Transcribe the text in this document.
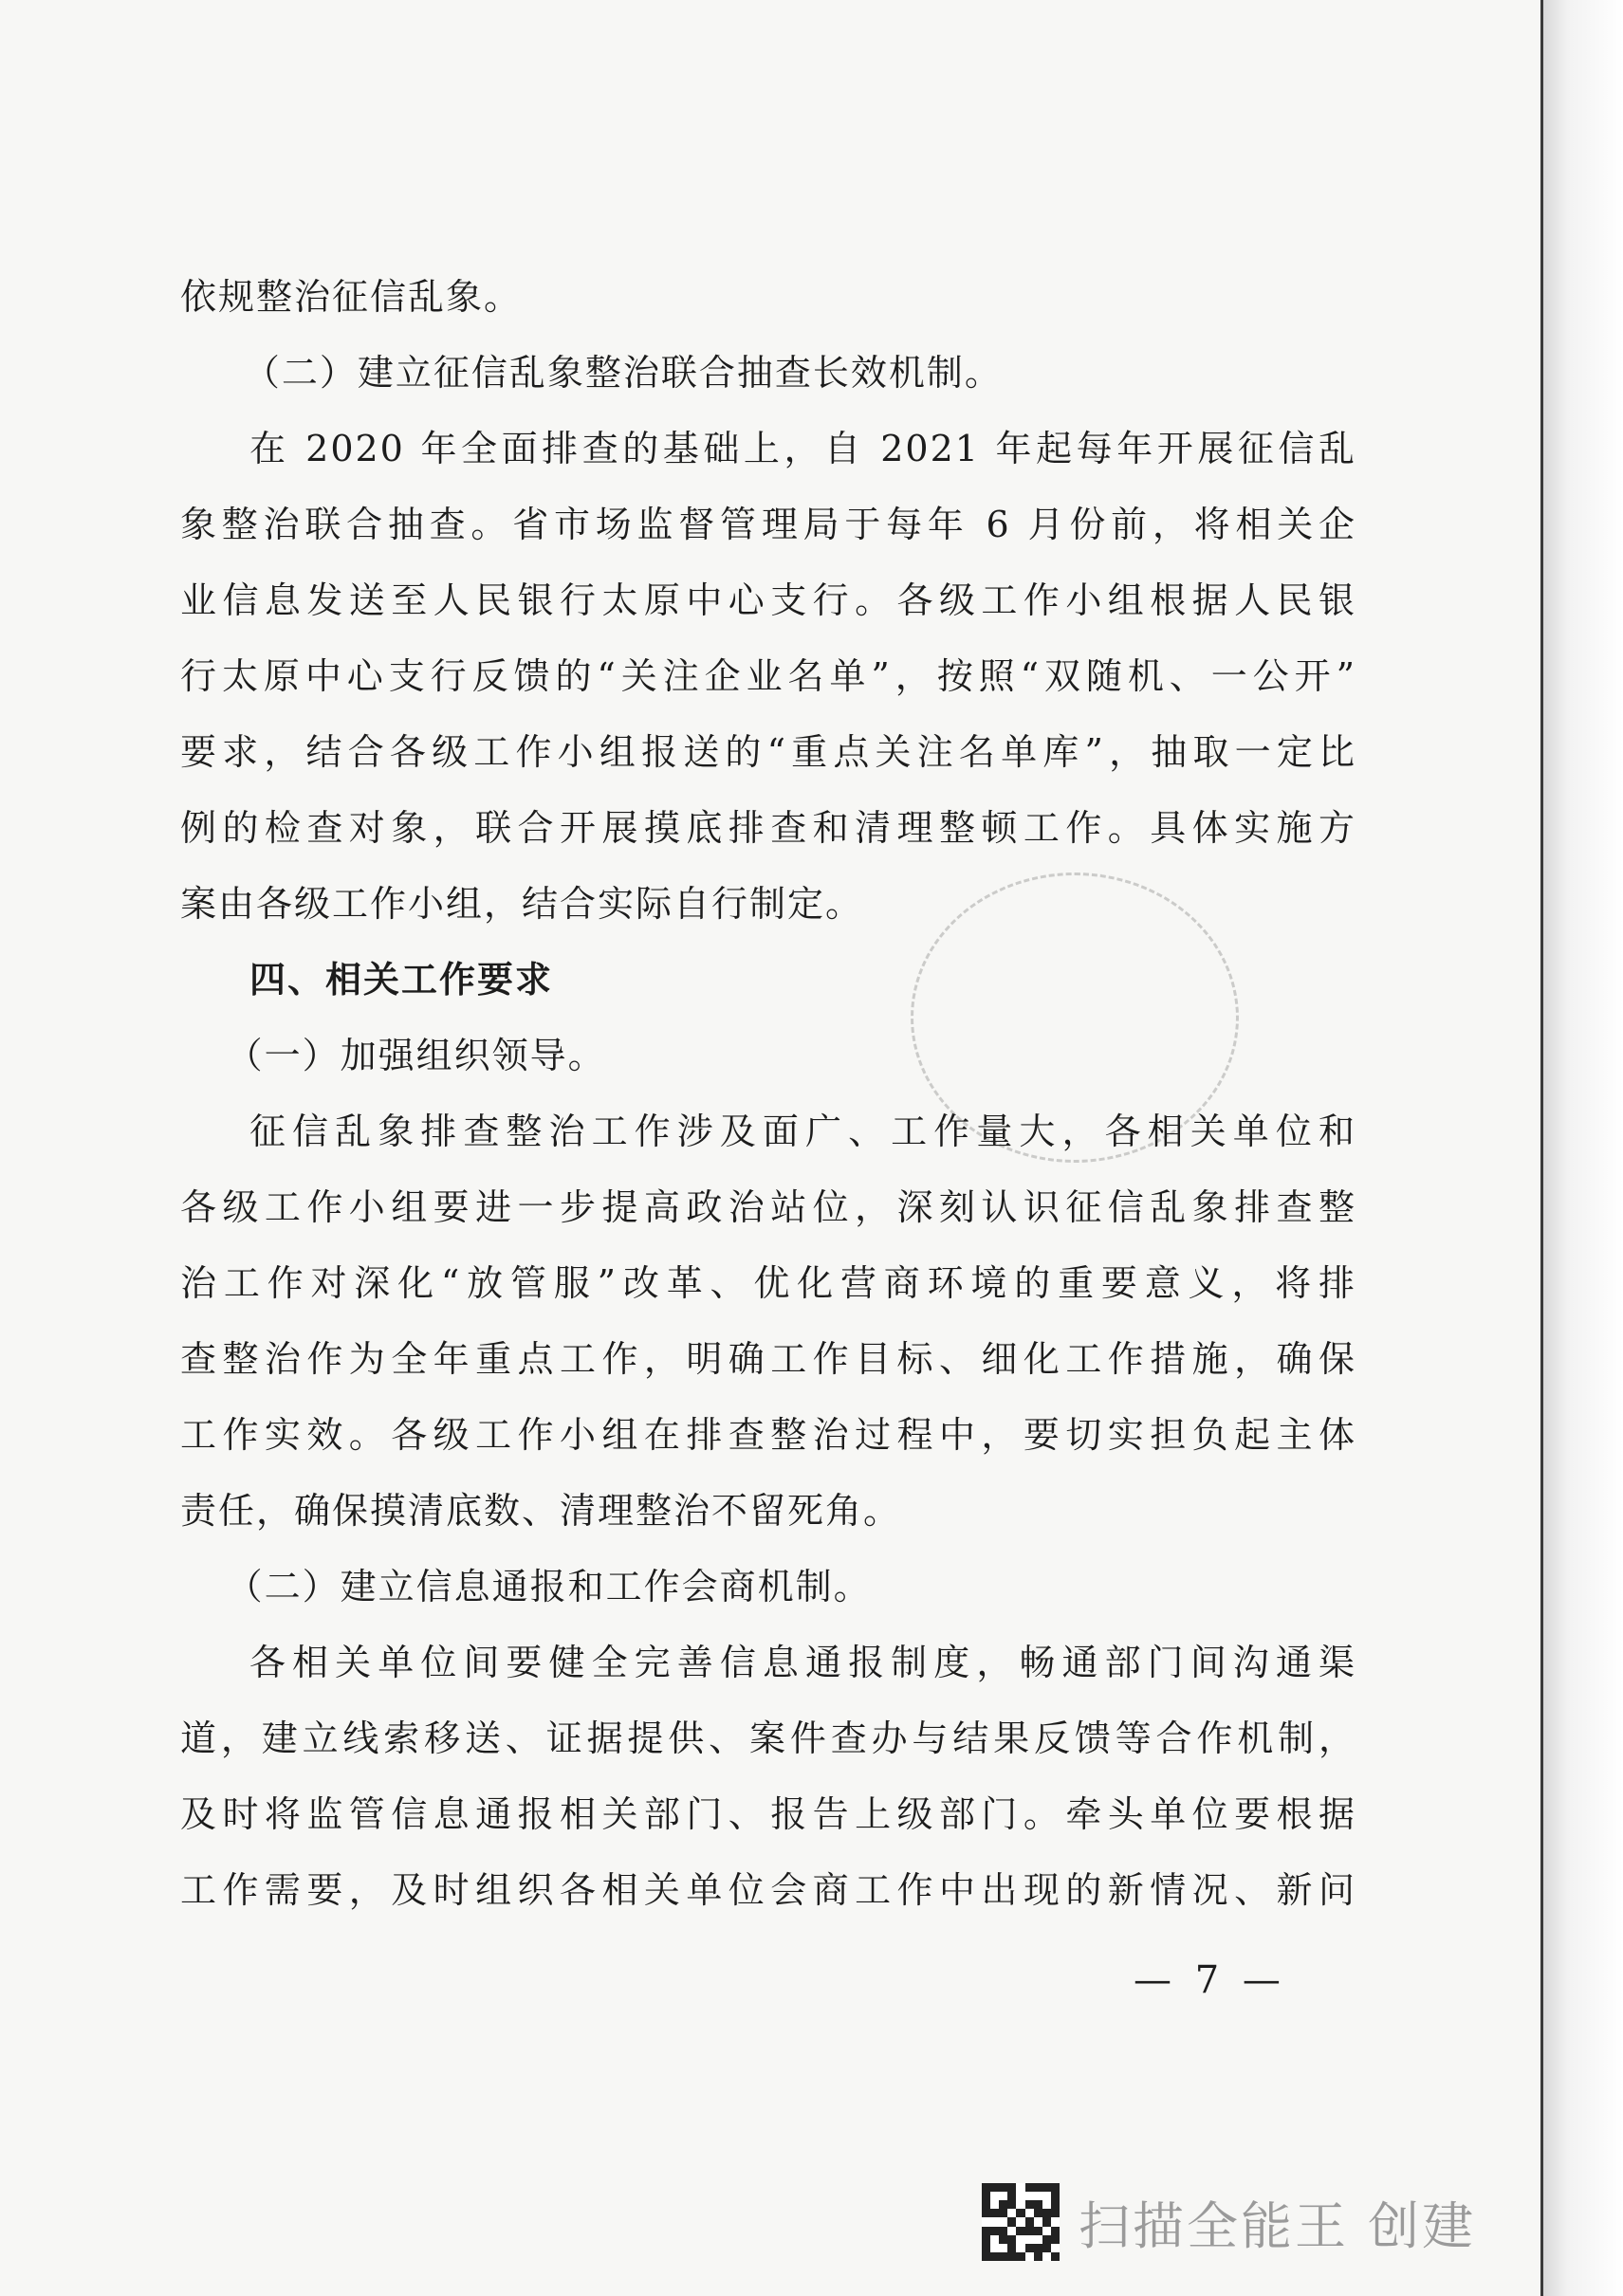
依规整治征信乱象。
（二）建立征信乱象整治联合抽查长效机制。
在 2020 年全面排查的基础上，自 2021 年起每年开展征信乱
象整治联合抽查。省市场监督管理局于每年 6 月份前，将相关企
业信息发送至人民银行太原中心支行。各级工作小组根据人民银
行太原中心支行反馈的“关注企业名单”，按照“双随机、一公开”
要求，结合各级工作小组报送的“重点关注名单库”，抽取一定比
例的检查对象，联合开展摸底排查和清理整顿工作。具体实施方
案由各级工作小组，结合实际自行制定。
四、相关工作要求
（一）加强组织领导。
征信乱象排查整治工作涉及面广、工作量大，各相关单位和
各级工作小组要进一步提高政治站位，深刻认识征信乱象排查整
治工作对深化“放管服”改革、优化营商环境的重要意义，将排
查整治作为全年重点工作，明确工作目标、细化工作措施，确保
工作实效。各级工作小组在排查整治过程中，要切实担负起主体
责任，确保摸清底数、清理整治不留死角。
（二）建立信息通报和工作会商机制。
各相关单位间要健全完善信息通报制度，畅通部门间沟通渠
道，建立线索移送、证据提供、案件查办与结果反馈等合作机制，
及时将监管信息通报相关部门、报告上级部门。牵头单位要根据
工作需要，及时组织各相关单位会商工作中出现的新情况、新问
— 7 —
扫描全能王 创建
